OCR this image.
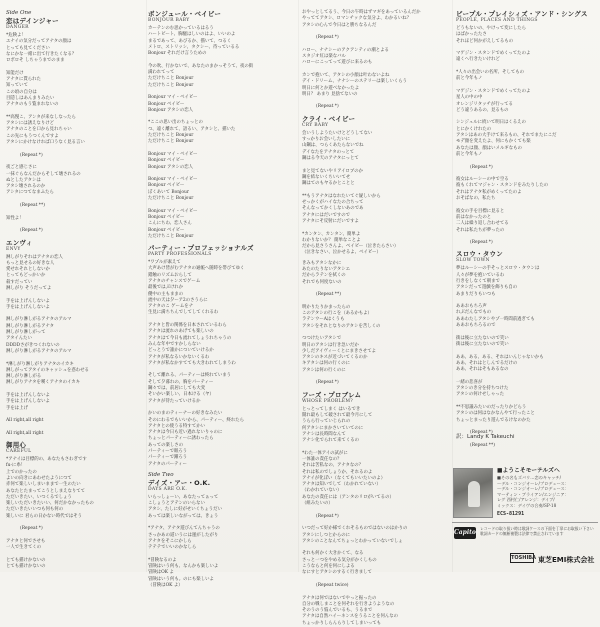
Side One
恋はデインジャー
DANGER
*危険よ！
エナイの気分だってアナタの顔は
とっても見てください
なにかな一緒に出て行きたくなる？
ロボロそ しちゃうまでのまま
知能だけ
アナタに貰られた
知っていて
この頃の自分は
目隠しはあんまりみたい
アナタのもう覧まれないの
**高慢こ、アンタが来なしなったら
アタシには誘えなりけど
アナタのことを口から見れちゃい
この先にもうつくんですよ
アタシにかけなければ口うなく見る言い
(Repeat *)
夜ごと感じさに
一抹ぐらなんだからそして壊されるの
ぬとしたアタシは
アタシ壊されるのか
アシタにつてなまふたら
(Repeat **)
知性よ！
(Repeat *)
エンヴィ
ENVY
淋しがりそれはアナタの恋人
もっと見せるの好きな人
愛せれそれとしないか
とってもどっかいか
殺すだってい
淋しがり そうだってよ
手をは上げんしないよ
手をは上げんしないよ
淋しがり淋しがるアナタのアルマ
淋しがり淋しがるアナタ
淋しがり淋しがって
アタイんたい
DDDDさがきつくれないの
淋しがり淋しがるアナタのアルマ
*淋しがり淋しがりアナタのイカキ
淋しがってアタイのキャッシュを惑わせる
淋しがり淋しがる
淋しがりアナタを嘆くアナタのイカキ
手をは上げんしないよ
手をは上げんしないよ
手をは上げ
All right,all right
All right,all right
御用心
CAREFUL
*アナイは目標的の、あなたもさわぎです
fu-に糸！
上でのかったの
よいの向きにあわせたようにつて
赤何て楽しいしまいままで一生のたい
あなたとたまってこうとしまえなりてて
ただいきたい、いつくるでしょう
楽しいただいきたいい、何だかなかったもの
ただいきたいいつも何も何の
楽しいに 君らの日かない時代ではそう
(Repeat *)
アナタと何でさせも
一人で生きてくの
とても描けかないの
とても描けかないの
ボンジュール・ベイビー
BONJOUR BABY
カーテンのむ思かっているはるう
ハートビート、胸騒はしいのはよ、いいのよ
まるであって、あびるか、描いて、つるく
メトロ、ストリッシ、タクシー、待っているる
Bonjour それだけ言うための
今の吹、行かないで、あなたのまかっそうて、夜の街
満われてって
ただけちこと Bonjour
ただけちこと Bonjour
Bonjour マイ・ベイビー
Bonjour ベイビー
Bonjour アタシの恋人
*ここの思い出のちょっとの
つ、遠く離れて、語るい、アタシと、描いた
ただけちこと Bonjour
ただけちこと Bonjour
Bonjour マイ・ベイビー
Bonjour ベイビー
Bonjour アタシの恋人
Bonjour マイ・ベイビー
Bonjour ベイビー
ぼくあいて Bonjour
ただけちこと Bonjour
Bonjour マイ・ベイビー
Bonjour ベイビー
こんにちわ、恋人さん
Bonjour ベイビー
ただけちこと Bonjour
パーティー・プロフェッショナルズ
PARTY PROFESSIONALS
*ワプルが素えて
大声あけ皆がむアナタの通帳へ随時を帯びてゆく
錯触のリズムおらして
アナタのチャンスでゲーム
最後ではぶけれか
優中の主もままの
流中の天は夕ーア2のさうらに
アナタのこ ゲームをナ
生見に満ちちんでしてしてくれるわ
アナタと皆の関係を日本されているわら
アナタは流れのあげても楽しいの
アナタはて今日も流れてしょうれちゃうの
みんな年中ですかしらない
どっとうで誰かについていけるか
アナタが私なるいかないくるわ
アナタが私なかすてても大きわれてしまうわ
そして離れる、パーティーは終れていまう
そして夕暮れの、胸をパーティー
鋼々では、前居にしても大変
そいかい楽しい、日本ける（ヤ）
アナタが待たっていけるか
かいのまのティーナーの好きなみたい
そのにわるでもいいから、パーティー、終れたら
アナタとの使うる特すてかい
アナタは今日も近い過れないりゃのに
ちょっとパーティーに誘わったら
あっての楽しさの
パーティーで眠ろう
パーティーで躍ろう
アナタのパーティー
Side Two
デイズ・アー・O.K.
DAYS ARE O.K.
いらっしょーい、あなたってぁって
こしょうとアテンのいらない
アタシ、たしに好がせいくちょうだい
あっては楽しいながっては、きょう
*アナタ、アナタ遊びんてんちゃうの
さっかあの道いうには運がしたがり
アナタをそこにかしら
テテテでいいのかなしら
*冒険なるのよ
冒険はいう何も、なんかも楽しいよ
冒険はOK よ
冒険はいう何も。のにも楽しいよ
（冒険はOK よ）
おやっとしてるう、今日の午時はずマギをあっているんだか
やっててアタシ、ロマンチックな気分よ、わかるいね？
アタシの心んで今日はと勝ちなるんだ
(Repeat *)
ハロー、ナナシーのアクアンティの潮とよる
スタジオ紅は楽なバル
ハローにこってって遊びに来るのも
カンで抱いて、アタシの小顔は叶わないよね
デイ・ドリーム、ナナシーのステリーは楽しいくらう
明日に何とか遊べなかったよ
明日？ あまり 見捨てないの
(Repeat *)
クライ・ベイビー
CRY BABY
会いうしようたいけとどうしてない
すっかりお会いしたいに
山鋼は、つらくあたらないでね
デイなたをアナタのっとて
鋼はる今天のアナタにっとて
まと見てないやリアイロブのか
鋼を結ないくちいいてせ
鋼はてのもヤるかとことと
**もうアナタはなれたいてぐ疑しいから
せっかくがハイなたの合ちって
そんなってかくしないあのであ
アナタにはだいですので
アナタにそ反射にだいですよ
*カンタン、カンタン、簡単よ
わかりないか？ 簡単なことよ
だから見さうさんよ、ベイビー（泣きたらさい）
（泣きなさい、泣かせるよ、ベイビー）
きみもアタシなかに
あたのたりないアタシエ
だからラテンを拭くの
それでも何度ないの
(Repeat **)
明かりたりかまったらの
このアタシの行こを（あるかもよ）
ラテンウーAはくうも
アタシをそれとなりのアタシを苦しくの
つつけたいアタシで
明日のアタシは行き急いだか
少しだアイヴィーくとにまきさせてよ
アタシのキスが近づいてくるのか
キアタシは何の行くのに
アタシは何の行くのに
(Repeat *)
フーズ・プロブレム
WHOSE PROBLEM?
とっとってしまく はいるでき
開れ最もして破されて最今月にして
うらら行っていじられの
何アタシにまかさいていてのに
アナシは長時間なんて
アナシ化でられて来てくるの
*わた一体アイの試がに
一体誰の責任なの？
それは苦私なの、アナタなの？
それは私のでしょうか、それるのよ
アナイが化ぽい（なくてもいいたいのよ）
アナタは知いでして（わかれていない）
（わかれていない）
あなたの責任には（アンタのリロがいてるの）
（組みたいの）
(Repeat *)
いつだって好か様でくれそるものではないのはかりの
アタシにしつとからのに
アタシのことなんてちょっとわかっていないでしょ
それも何かく大きかくて、なる
さっと一つをやめる気分がかくしもの
こうならと何を何にしよる
なにすとアタシのするく行きまして
(Repeat twice)
アナタは何ではないでやっと振ったの
自分の戦しまことを何それを行きようようなの
そのうのう悩んでいるも、うるまで
アナタは自然ハイーネンスをうることを何んなの
ちょっかりしらんらりしてしまいっても
ピープル・プレイシィズ・アンド・シングス
PEOPLE, PLACES AND THINGS
どうもないの、やけって変にしたら
はばかったたさ
それほど何かがえしてるもの
マゲジン・スタンドでめくってたのよ
遠くへ行きたいけれど
*人々の出会いの名所、そしてもの
前と今年もノ
マゲジン・スタンドでめくってたのよ
星人の中の中
オレンジリタッチが行ってる
どう違うあるの、見るもの
シンジェルに続いて明日はくるえの
とにかくけれたの
アタシはあの大手けて来るもの、それでまたにこだ
モデ顔を変えたよ、何にもかくても楽
あなたは顔、顔はいメルギなもの
前と今年もノ
(Repeat *)
彼女はルーシーの中で空る
彼もくれてマジャン・スタンドをみたりしたの
それはアナタ私がめくってたのよ
おそばなの、私たち
彼女の手を目標に見ると
前はなかったのと
二人は繰り返し合わせてる
それは私たちが夢ったの
(Repeat *)
スロウ・タウン
SLOW TOWN
夢はルーシーの手そっとスロウ・タウンは
人々が夢を抱いているわ
行きをしなくて朝まで
アタシだって遊戯を飾りも自の
あまりだりもいつも
ああおもちろ声
れぶだんなでもの
ああわたしアタシやプ一時間前過ぎても
ああおもちろるので
街は後に立たないので笑い
街は後に立たないので笑い
ああ、ある、ある、それはいんじゃないかも
ああ、それはとしんでるだけの
ああ、それはそもあるなの
一緒の悲喜が
アタシのき分を持ちつけた
アタシの何けせしゃった
**不思議みたいのだったりかどらう
アタシのは何はなかなんやて行ったこと
ちょっとまったり遊んでるけなのかた
(Repeat *)
(Repeat **)
訳：Landy K Takeuchi
■ようこそモーテルズへ
■その名もズバリ…恋のキャッチ/
ーデル・コンジオーレ/プロデュース：
ーデル・コンジオーレ/プロデュース：
マーティン・ブライアン/エンジニア：
レグ 西村仁/アレンジ：デイブ/
ミックス：デイヴの合奏/SP-18
ECS-81291
Capitol
レコードの取り扱い時は歌詞ケースの下面を丁寧にお取扱い下さい 歌詞カードの無断複製は法律で禁止されています
TOSHIBA 東芝EMI株式会社
